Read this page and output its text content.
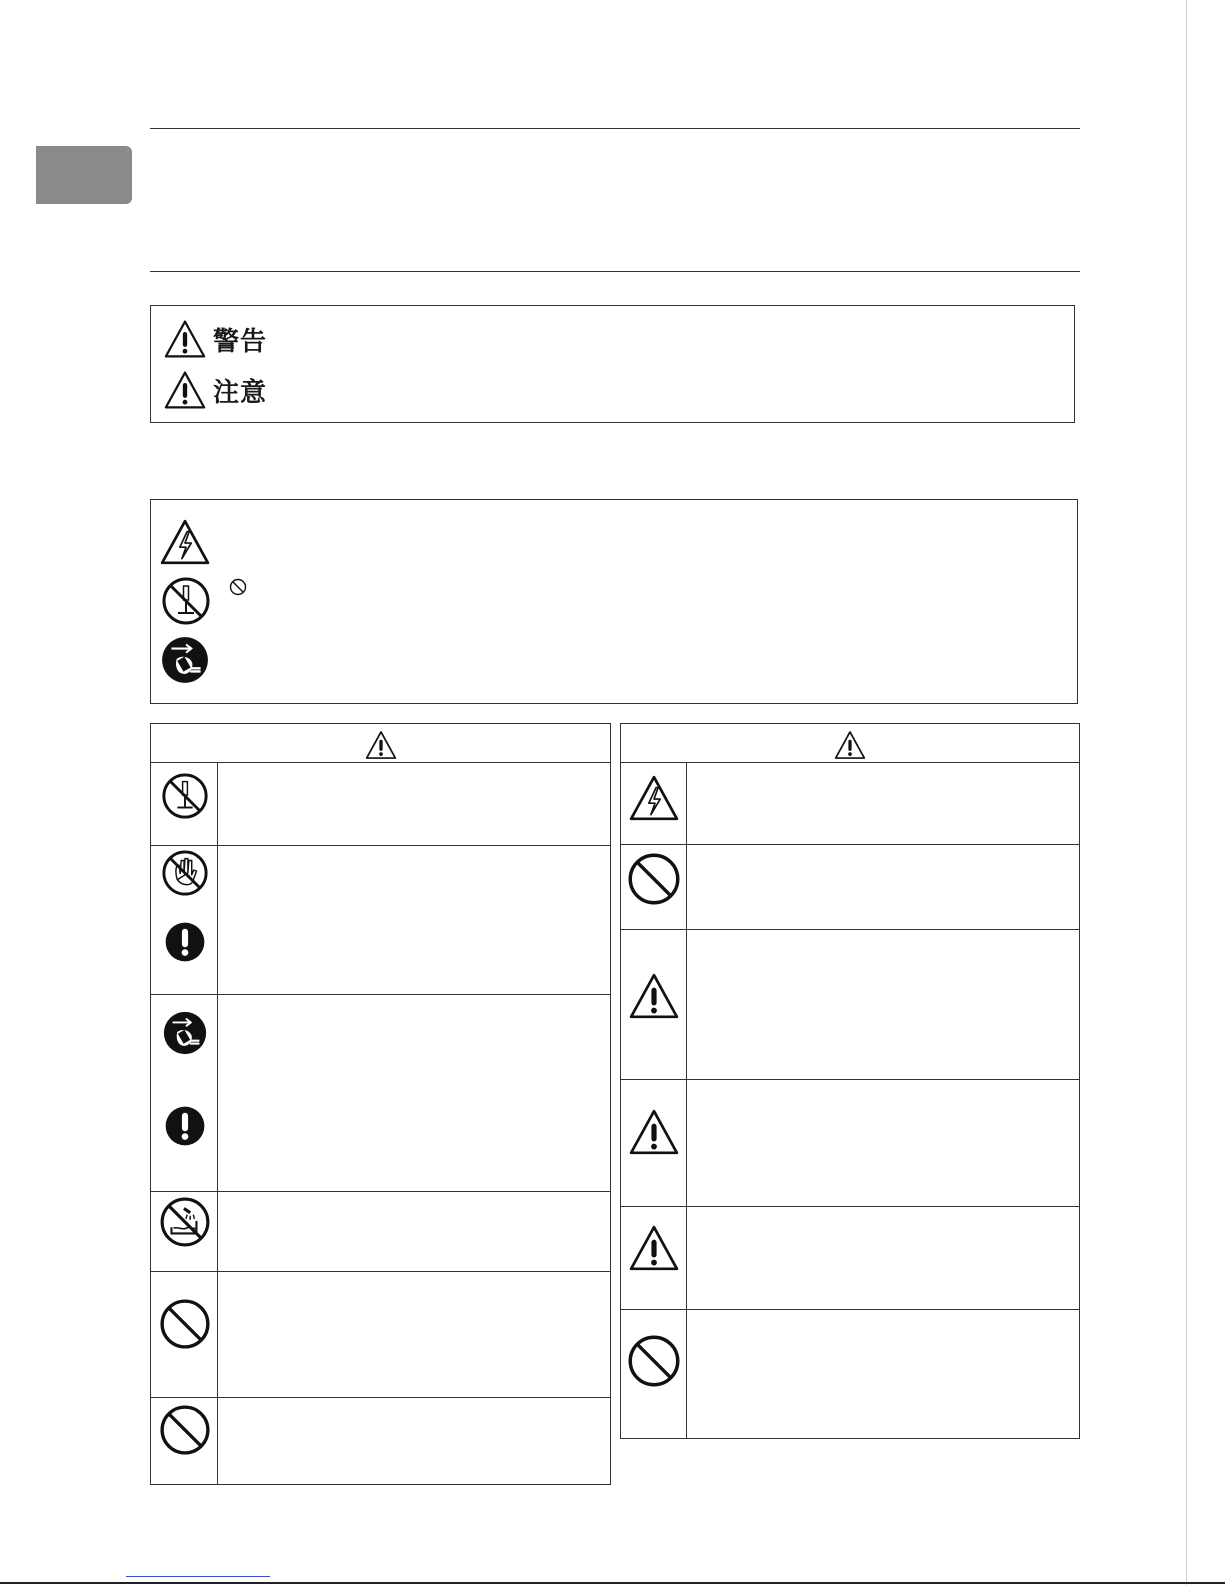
警告
注意
